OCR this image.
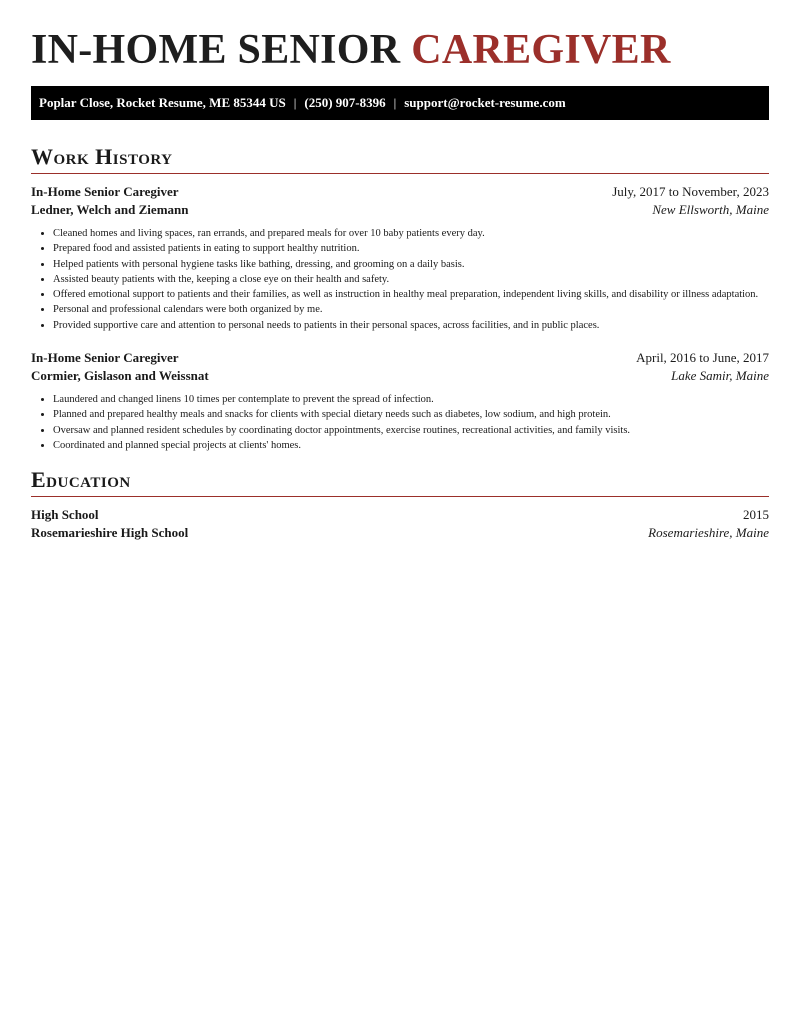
IN-HOME SENIOR CAREGIVER
Poplar Close, Rocket Resume, ME 85344 US | (250) 907-8396 | support@rocket-resume.com
Work History
In-Home Senior Caregiver	July, 2017 to November, 2023
Ledner, Welch and Ziemann	New Ellsworth, Maine
• Cleaned homes and living spaces, ran errands, and prepared meals for over 10 baby patients every day.
• Prepared food and assisted patients in eating to support healthy nutrition.
• Helped patients with personal hygiene tasks like bathing, dressing, and grooming on a daily basis.
• Assisted beauty patients with the, keeping a close eye on their health and safety.
• Offered emotional support to patients and their families, as well as instruction in healthy meal preparation, independent living skills, and disability or illness adaptation.
• Personal and professional calendars were both organized by me.
• Provided supportive care and attention to personal needs to patients in their personal spaces, across facilities, and in public places.
In-Home Senior Caregiver	April, 2016 to June, 2017
Cormier, Gislason and Weissnat	Lake Samir, Maine
• Laundered and changed linens 10 times per contemplate to prevent the spread of infection.
• Planned and prepared healthy meals and snacks for clients with special dietary needs such as diabetes, low sodium, and high protein.
• Oversaw and planned resident schedules by coordinating doctor appointments, exercise routines, recreational activities, and family visits.
• Coordinated and planned special projects at clients' homes.
Education
High School	2015
Rosemarieshire High School	Rosemarieshire, Maine
